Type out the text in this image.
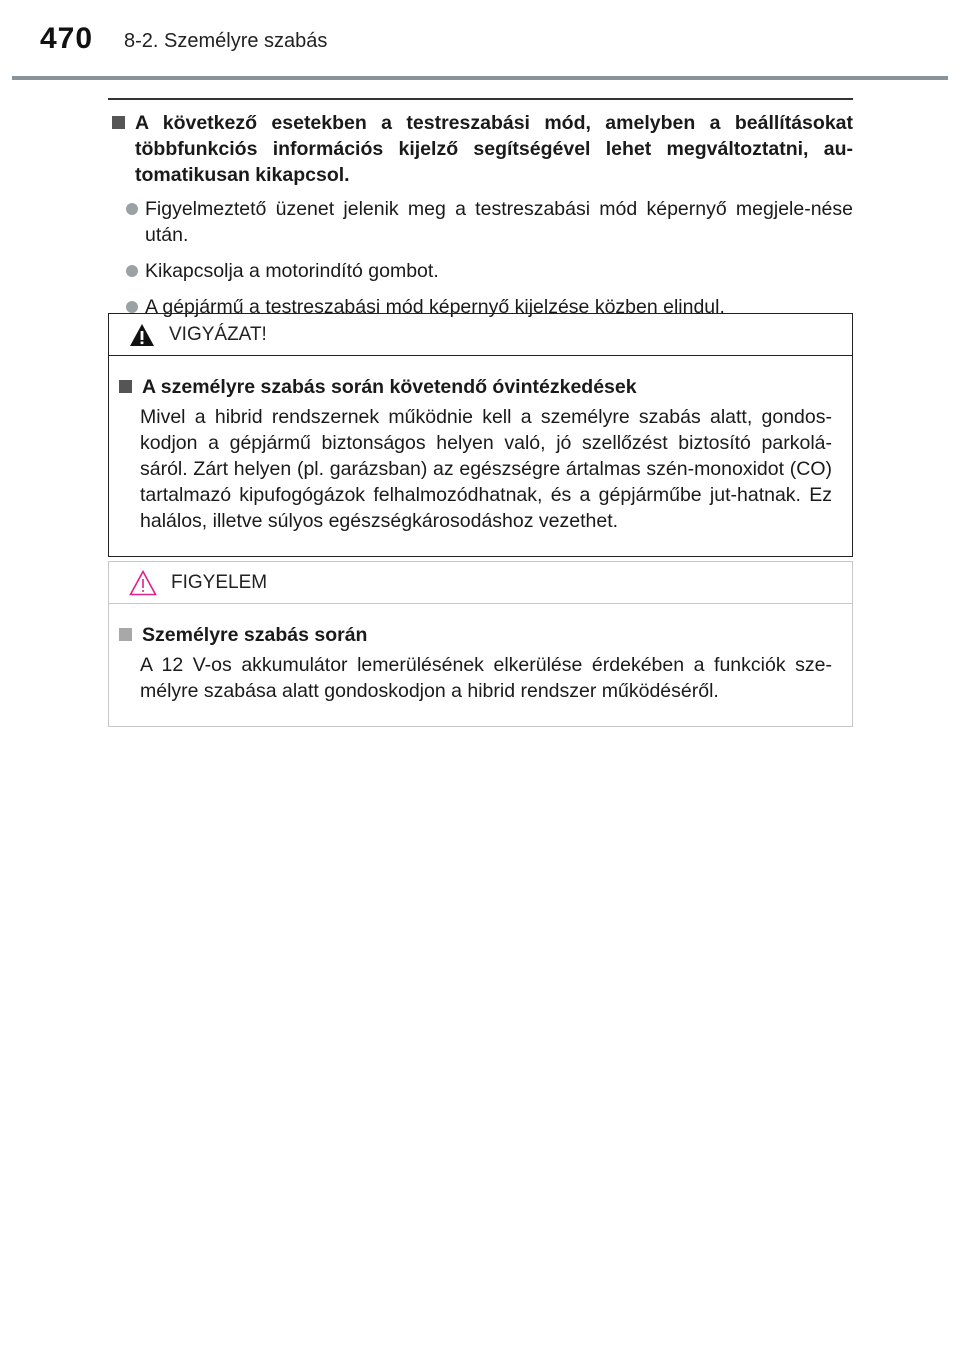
470 8-2. Személyre szabás
A következő esetekben a testreszabási mód, amelyben a beállításokat többfunkciós információs kijelző segítségével lehet megváltoztatni, au-tomatikusan kikapcsol.
Figyelmeztető üzenet jelenik meg a testreszabási mód képernyő megjele-nése után.
Kikapcsolja a motorindító gombot.
A gépjármű a testreszabási mód képernyő kijelzése közben elindul.
VIGYÁZAT!
A személyre szabás során követendő óvintézkedések
Mivel a hibrid rendszernek működnie kell a személyre szabás alatt, gondos-kodjon a gépjármű biztonságos helyen való, jó szellőzést biztosító parkolá-sáról. Zárt helyen (pl. garázsban) az egészségre ártalmas szén-monoxidot (CO) tartalmazó kipufogógázok felhalmozódhatnak, és a gépjárműbe jut-hatnak. Ez halálos, illetve súlyos egészségkárosodáshoz vezethet.
FIGYELEM
Személyre szabás során
A 12 V-os akkumulátor lemerülésének elkerülése érdekében a funkciók sze-mélyre szabása alatt gondoskodjon a hibrid rendszer működéséről.
